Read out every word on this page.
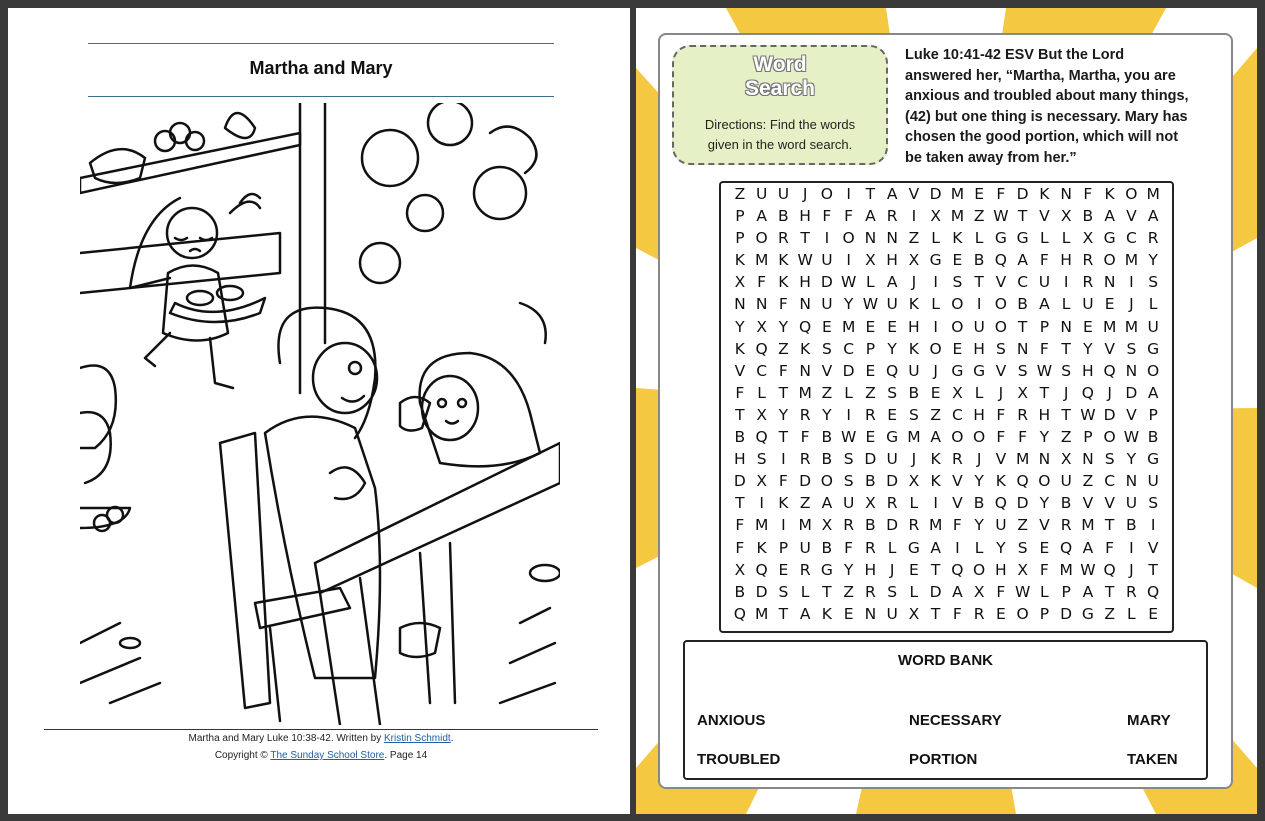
Martha and Mary
Martha and Mary Luke 10:38-42. Written by Kristin Schmidt.
Copyright © The Sunday School Store. Page 14
Word
Search
Directions: Find the words
given in the word search.
Luke 10:41-42 ESV But the Lord
answered her, “Martha, Martha, you are
anxious and troubled about many things,
(42) but one thing is necessary. Mary has
chosen the good portion, which will not
be taken away from her.”
Z U U J O I T A V D M E F D K N F K O M
P A B H F F A R I X M Z W T V X B A V A
P O R T I O N N Z L K L G G L L X G C R
K M K W U I X H X G E B Q A F H R O M Y
X F K H D W L A J	I S T V C U I R N I S
N N F N U Y W U K L O I O B A L U E J L
Y X Y Q E M E E H I O U O T P N E M M U
K Q Z K S C P Y K O E H S N F T Y V S G
V C F N V D E Q U J G G V S W S H Q N O
F L T M Z L Z S B E X L J X T J Q J D A
T X Y R Y I R E S Z C H F R H T W D V P
B Q T F B W E G M A O O F F Y Z P O W B
H S I R B S D U J K R J V M N X N S Y G
D X F D O S B D X K V Y K Q O U Z C N U
T I K Z A U X R L I V B Q D Y B V V U S
F M I M X R B D R M F Y U Z V R M T B I
F K P U B F R L G A I L Y S E Q A F I V
X Q E R G Y H J E T Q O H X F M W Q J T
B D S L T Z R S L D A X F W L P A T R Q
Q M T A K E N U X T F R E O P D G Z L E
WORD BANK
ANXIOUS	NECESSARY	MARY
TROUBLED	PORTION	TAKEN
